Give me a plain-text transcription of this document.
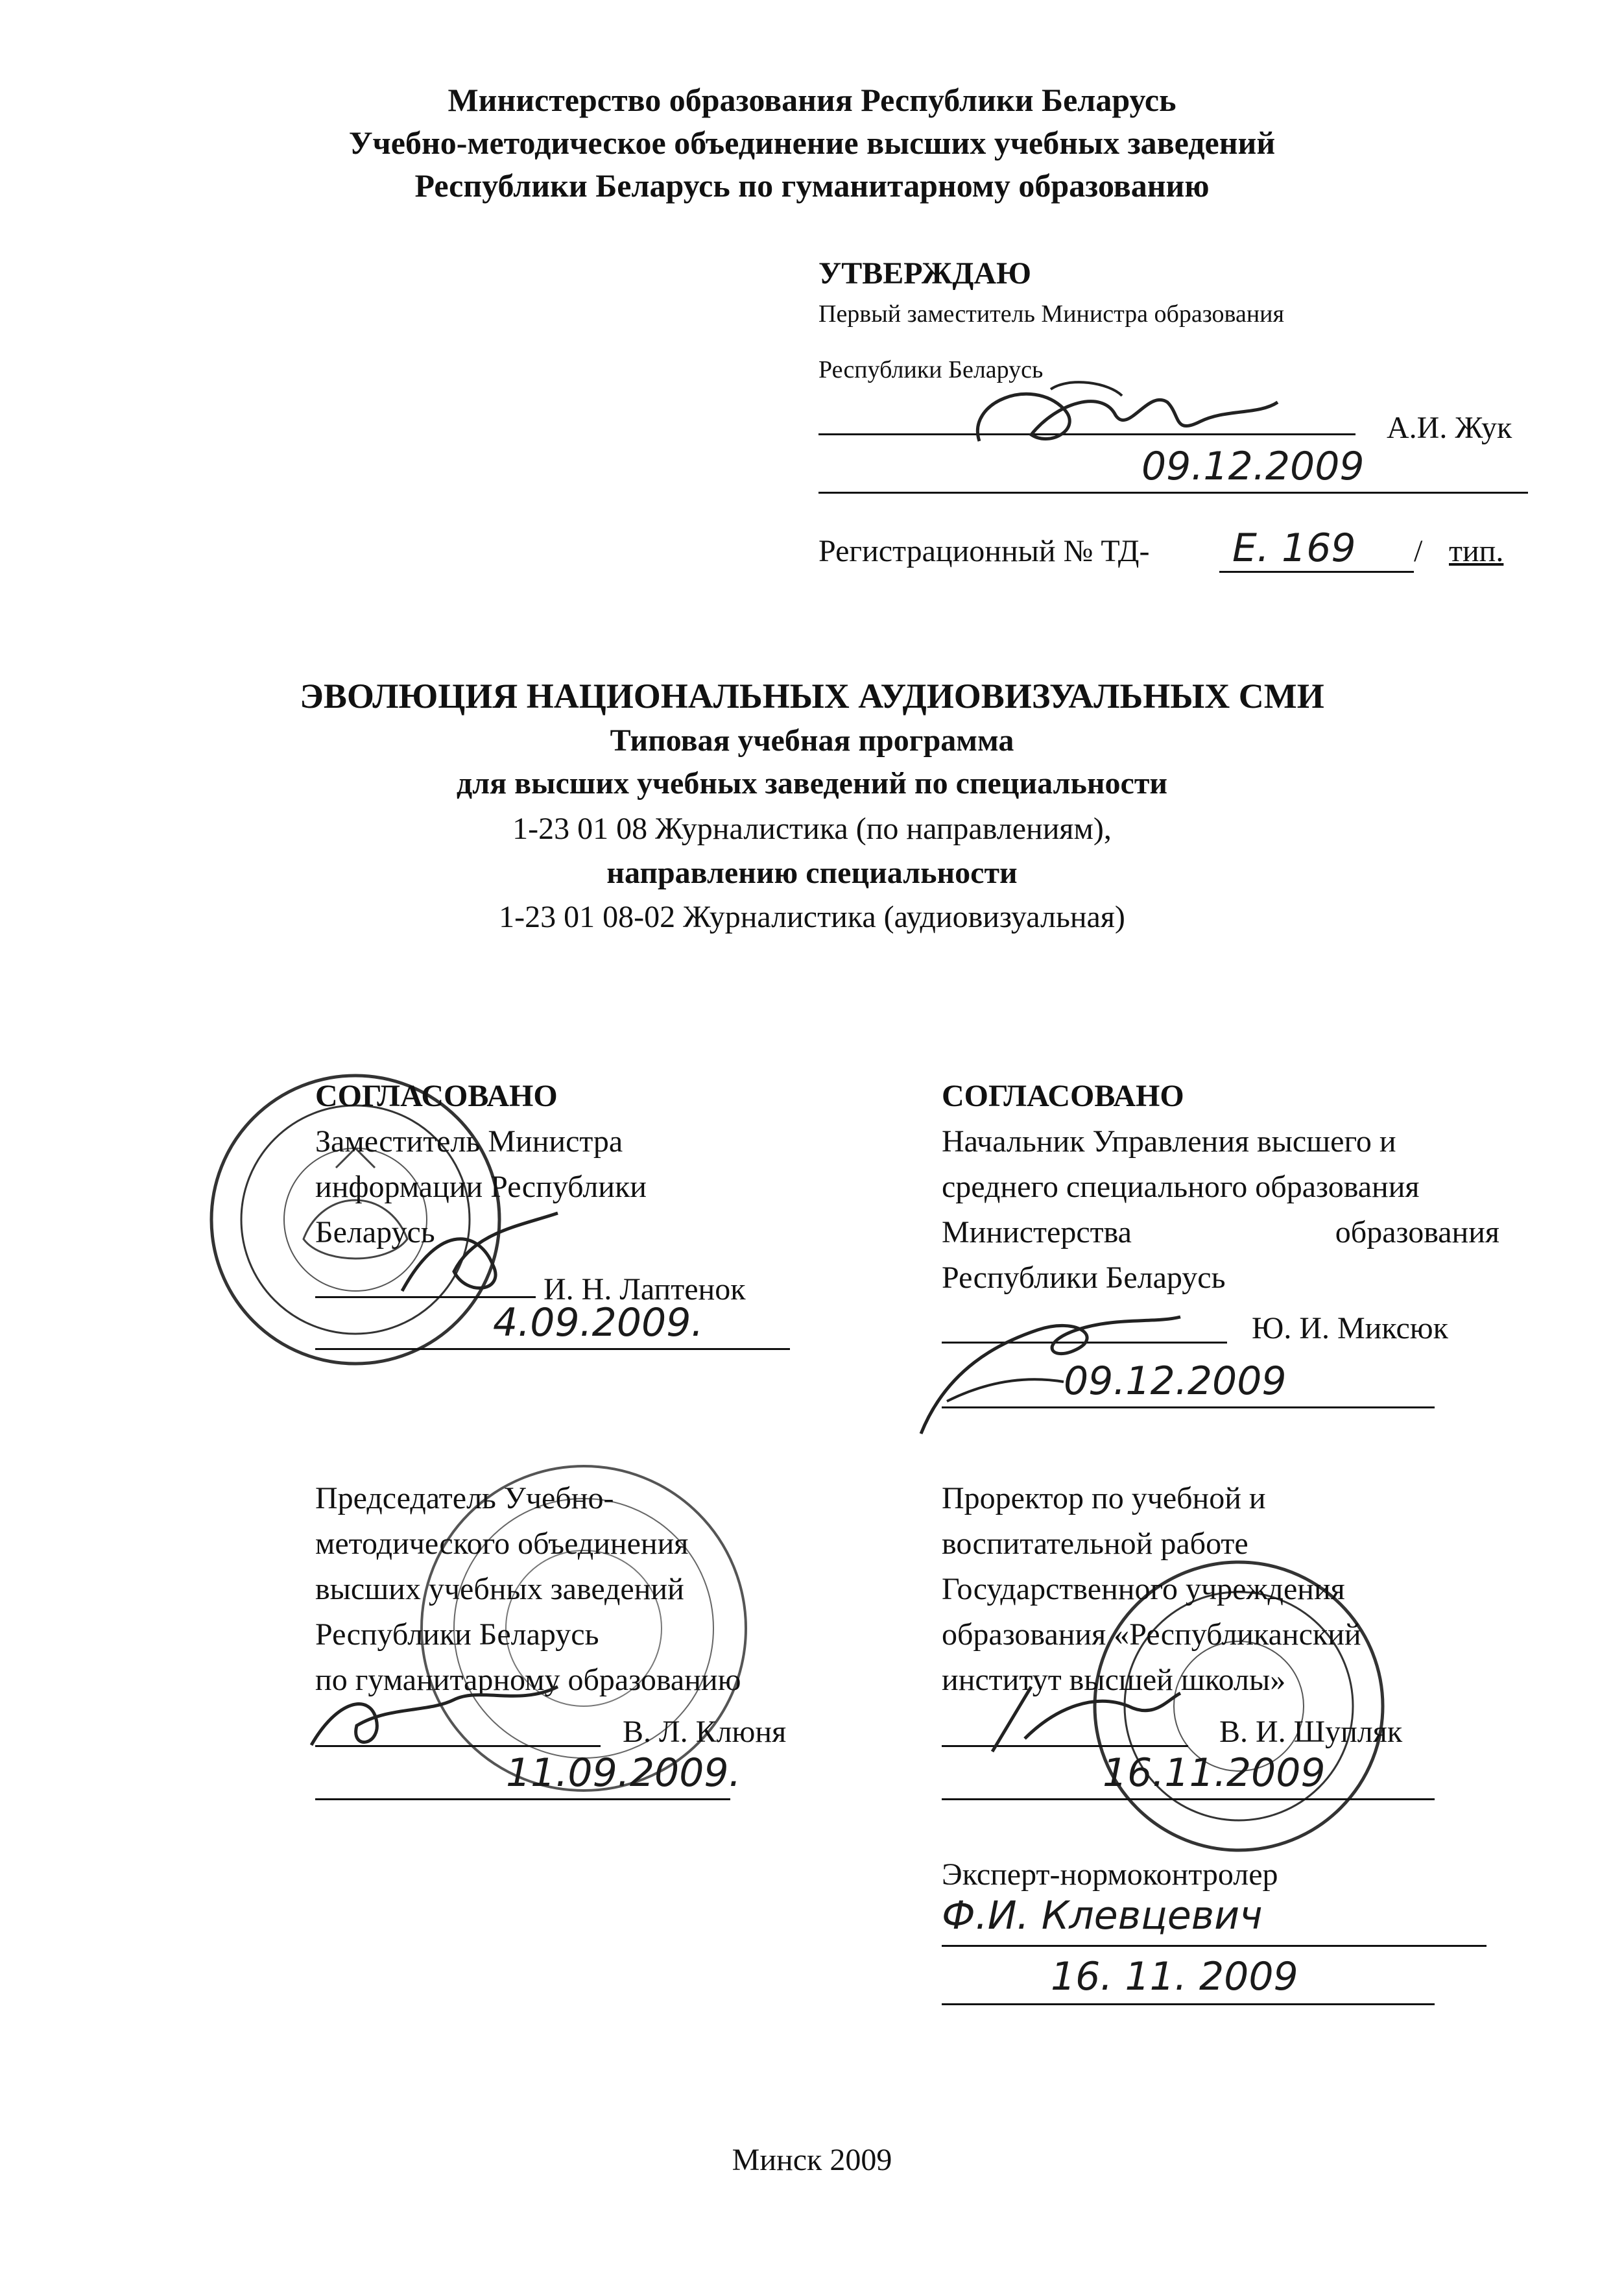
Министерство образования Республики Беларусь
Учебно-методическое объединение высших учебных заведений
Республики Беларусь по гуманитарному образованию
УТВЕРЖДАЮ
Первый заместитель Министра образования
Республики Беларусь
А.И. Жук
09.12.2009
Регистрационный № ТД- Е. 169 / тип.
ЭВОЛЮЦИЯ НАЦИОНАЛЬНЫХ АУДИОВИЗУАЛЬНЫХ СМИ
Типовая учебная программа
для высших учебных заведений по специальности
1-23 01 08 Журналистика (по направлениям),
направлению специальности
1-23 01 08-02 Журналистика (аудиовизуальная)
СОГЛАСОВАНО
Заместитель Министра
информации Республики
Беларусь
И. Н. Лаптенок
4.09.2009.
СОГЛАСОВАНО
Начальник Управления высшего и
среднего специального образования
Министерства	образования
Республики Беларусь
Ю. И. Миксюк
09.12.2009
Председатель Учебно-
методического объединения
высших учебных заведений
Республики Беларусь
по гуманитарному образованию
В. Л. Клюня
11.09.2009.
Проректор по учебной и
воспитательной работе
Государственного учреждения
образования «Республиканский
институт высшей школы»
В. И. Шупляк
16.11.2009
Эксперт-нормоконтролер
Ф.И. Клевцевич
16. 11. 2009
Минск 2009
